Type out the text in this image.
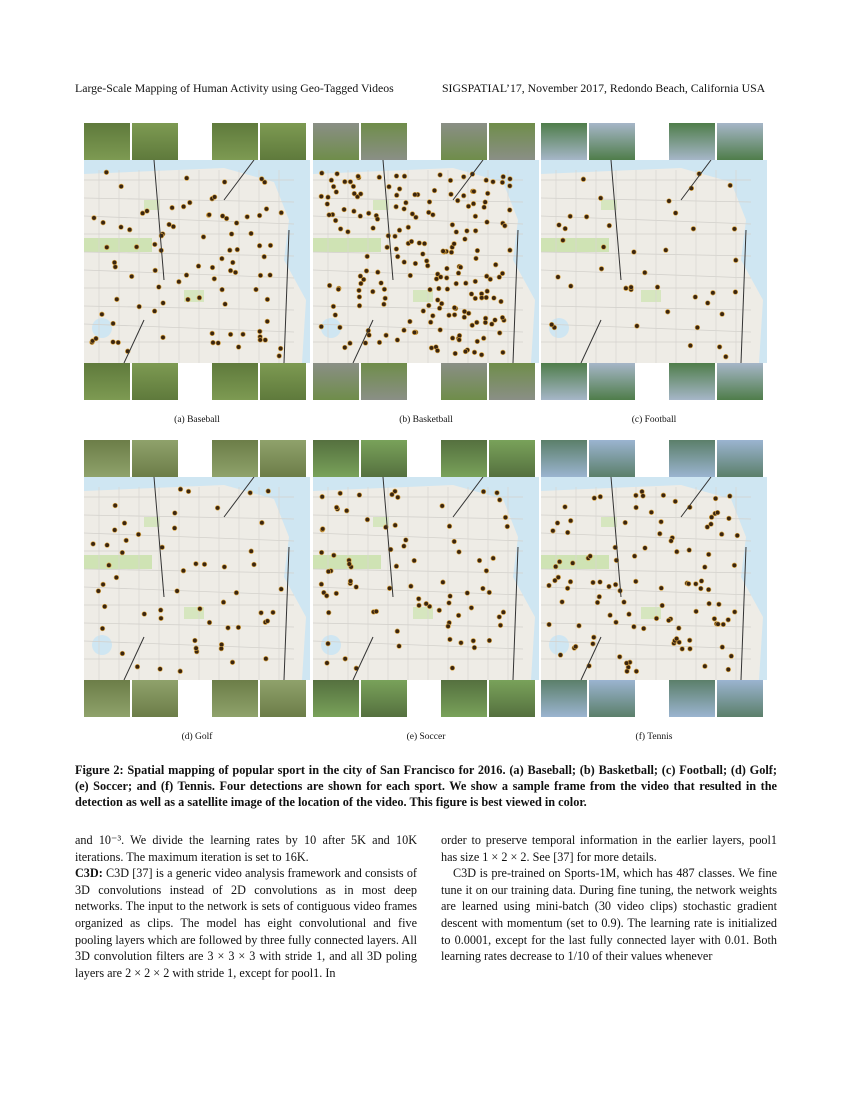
Large-Scale Mapping of Human Activity using Geo-Tagged Videos	SIGSPATIAL’17, November 2017, Redondo Beach, California USA
(a) Baseball	(b) Basketball	(c) Football
(d) Golf	(e) Soccer	(f) Tennis
Figure 2: Spatial mapping of popular sport in the city of San Francisco for 2016. (a) Baseball; (b) Basketball; (c) Football; (d) Golf; (e) Soccer; and (f) Tennis. Four detections are shown for each sport. We show a sample frame from the video that resulted in the detection as well as a satellite image of the location of the video. This figure is best viewed in color.

and 10⁻³. We divide the learning rates by 10 after 5K and 10K iterations. The maximum iteration is set to 16K.

C3D: C3D [37] is a generic video analysis framework and consists of 3D convolutions instead of 2D convolutions as in most deep networks. The input to the network is sets of contiguous video frames organized as clips. The model has eight convolutional and five pooling layers which are followed by three fully connected layers. All 3D convolution filters are 3 × 3 × 3 with stride 1, and all 3D poling layers are 2 × 2 × 2 with stride 1, except for pool1. In

order to preserve temporal information in the earlier layers, pool1 has size 1 × 2 × 2. See [37] for more details.

C3D is pre-trained on Sports-1M, which has 487 classes. We fine tune it on our training data. During fine tuning, the network weights are learned using mini-batch (30 video clips) stochastic gradient descent with momentum (set to 0.9). The learning rate is initialized to 0.0001, except for the last fully connected layer with 0.01. Both learning rates decrease to 1/10 of their values whenever
